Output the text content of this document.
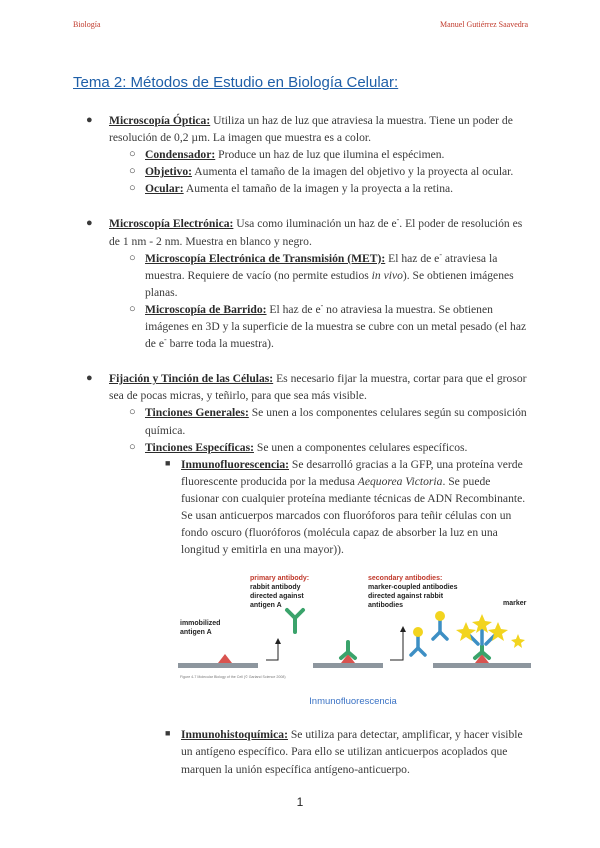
Biología	Manuel Gutiérrez Saavedra
Tema 2: Métodos de Estudio en Biología Celular:

● Microscopía Óptica: Utiliza un haz de luz que atraviesa la muestra. Tiene un poder de resolución de 0,2 µm. La imagen que muestra es a color.

○ Condensador: Produce un haz de luz que ilumina el espécimen.

○ Objetivo: Aumenta el tamaño de la imagen del objetivo y la proyecta al ocular.

○ Ocular: Aumenta el tamaño de la imagen y la proyecta a la retina.

● Microscopía Electrónica: Usa como iluminación un haz de e-. El poder de resolución es de 1 nm - 2 nm. Muestra en blanco y negro.

○ Microscopía Electrónica de Transmisión (MET): El haz de e- atraviesa la muestra. Requiere de vacío (no permite estudios in vivo). Se obtienen imágenes planas.

○ Microscopía de Barrido: El haz de e- no atraviesa la muestra. Se obtienen imágenes en 3D y la superficie de la muestra se cubre con un metal pesado (el haz de e- barre toda la muestra).

● Fijación y Tinción de las Células: Es necesario fijar la muestra, cortar para que el grosor sea de pocas micras, y teñirlo, para que sea más visible.

○ Tinciones Generales: Se unen a los componentes celulares según su composición química.

○ Tinciones Específicas: Se unen a componentes celulares específicos.

■ Inmunofluorescencia: Se desarrolló gracias a la GFP, una proteína verde fluorescente producida por la medusa Aequorea Victoria. Se puede fusionar con cualquier proteína mediante técnicas de ADN Recombinante. Se usan anticuerpos marcados con fluoróforos para teñir células con un fondo oscuro (fluoróforos (molécula capaz de absorber la luz en una longitud y emitirla en una mayor)).

primary antibody:
rabbit antibody
directed against
antigen A
secondary antibodies:
marker-coupled antibodies
directed against rabbit
antibodies	marker
immobilized
antigen A
Figure 4-7 Molecular Biology of the Cell (© Garland Science 2008)
Inmunofluorescencia

■ Inmunohistoquímica: Se utiliza para detectar, amplificar, y hacer visible un antígeno específico. Para ello se utilizan anticuerpos acoplados que marquen la unión específica antígeno-anticuerpo.

1
